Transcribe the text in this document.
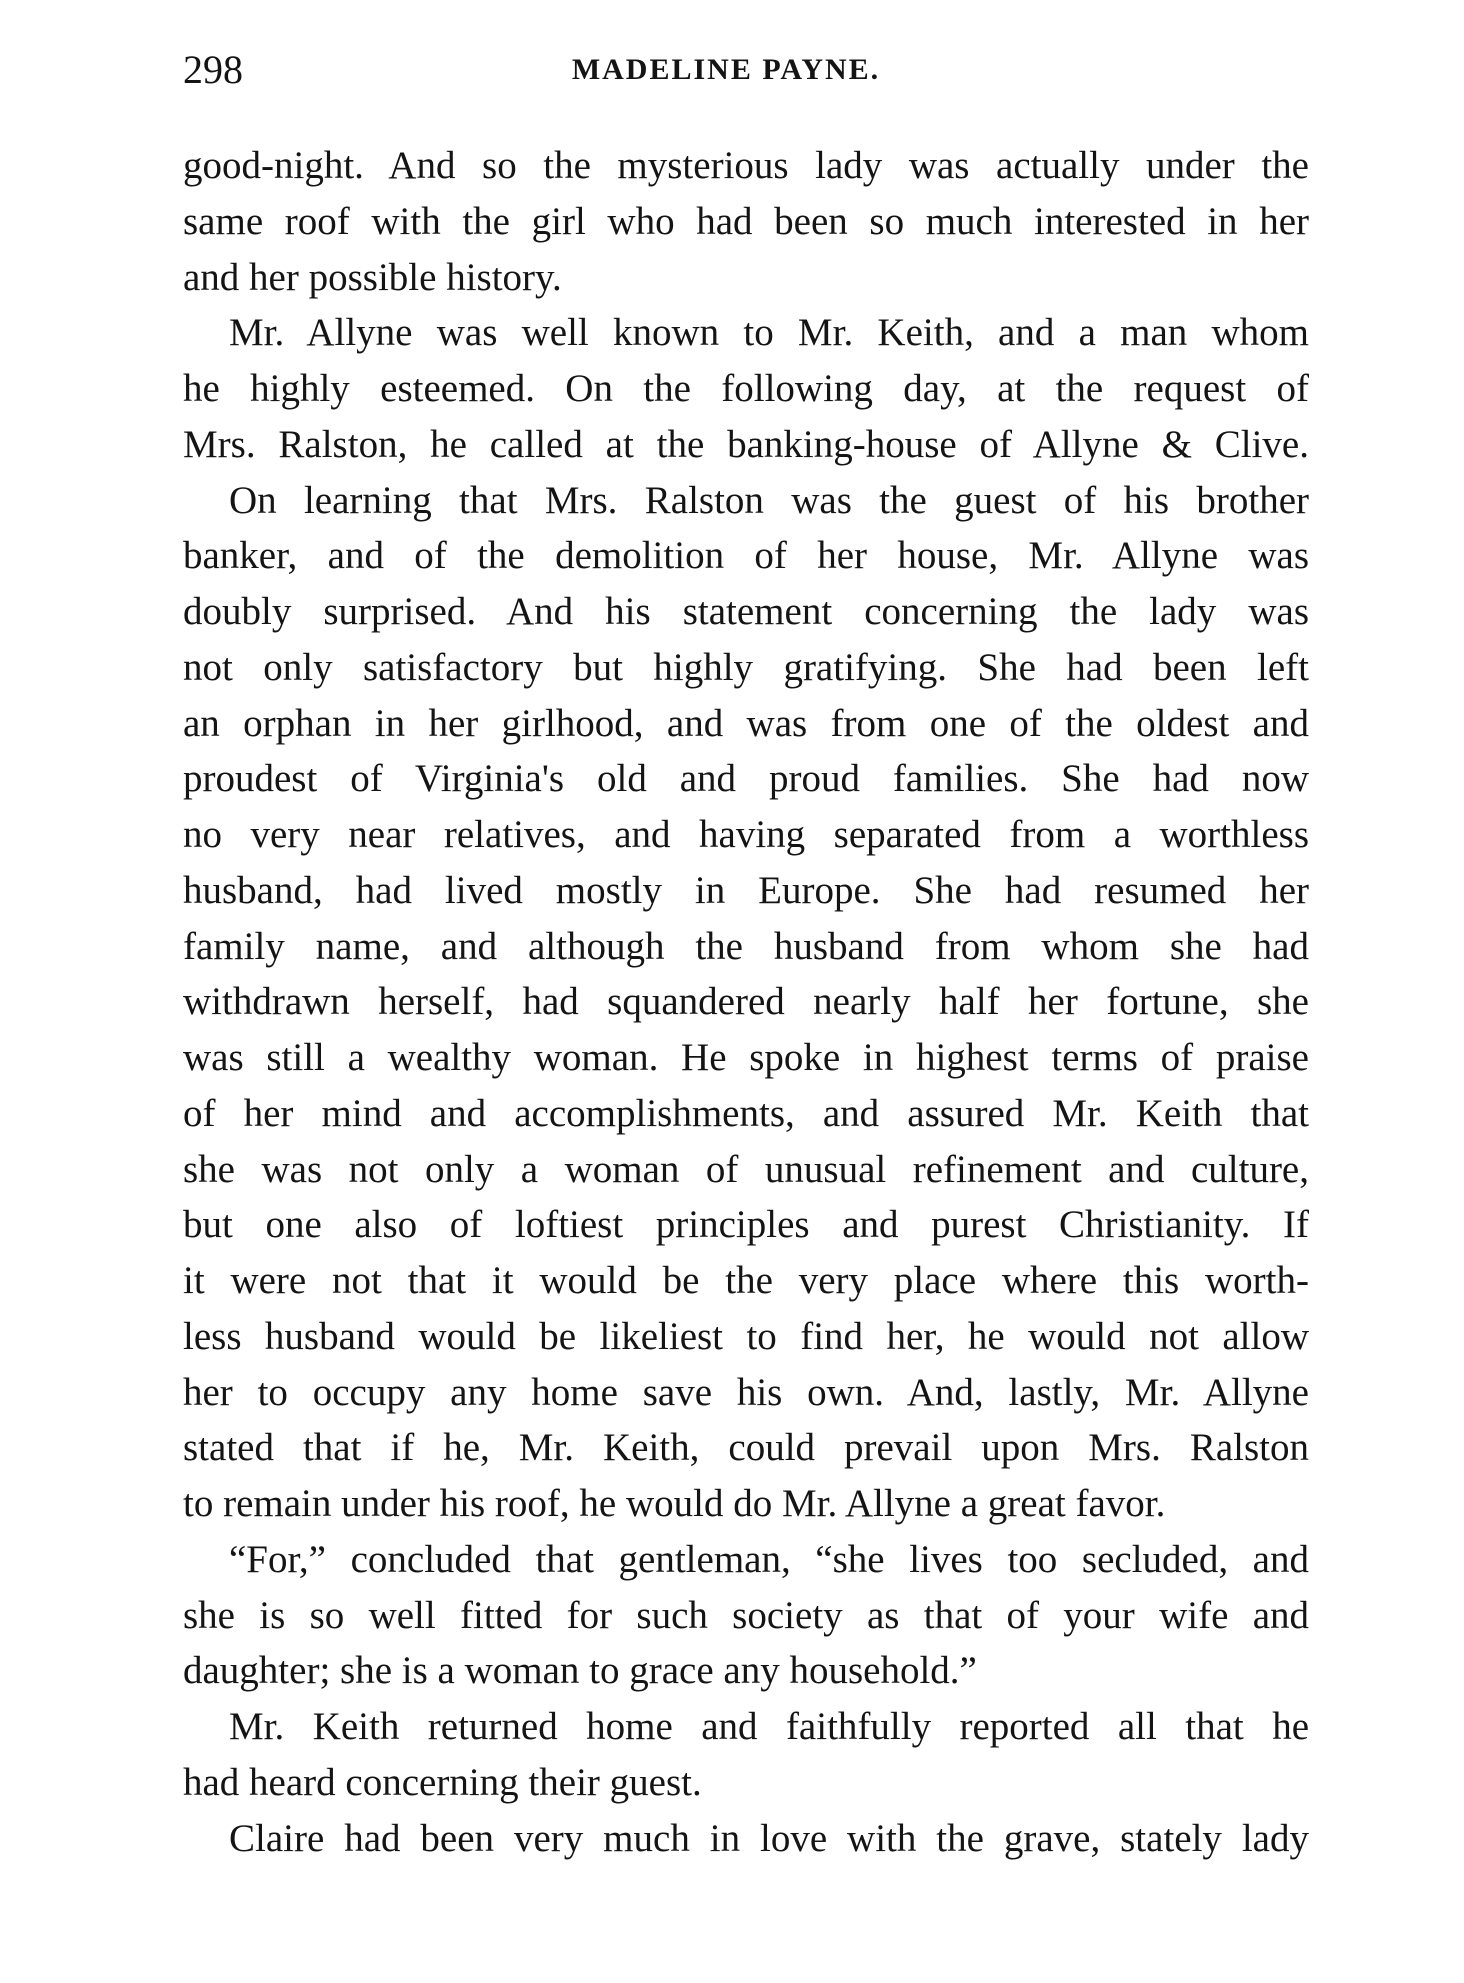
298	MADELINE PAYNE.
good-night. And so the mysterious lady was actually under the
same roof with the girl who had been so much interested in her
and her possible history.
Mr. Allyne was well known to Mr. Keith, and a man whom
he highly esteemed. On the following day, at the request of
Mrs. Ralston, he called at the banking-house of Allyne & Clive.
On learning that Mrs. Ralston was the guest of his brother
banker, and of the demolition of her house, Mr. Allyne was
doubly surprised. And his statement concerning the lady was
not only satisfactory but highly gratifying. She had been left
an orphan in her girlhood, and was from one of the oldest and
proudest of Virginia's old and proud families. She had now
no very near relatives, and having separated from a worthless
husband, had lived mostly in Europe. She had resumed her
family name, and although the husband from whom she had
withdrawn herself, had squandered nearly half her fortune, she
was still a wealthy woman. He spoke in highest terms of praise
of her mind and accomplishments, and assured Mr. Keith that
she was not only a woman of unusual refinement and culture,
but one also of loftiest principles and purest Christianity. If
it were not that it would be the very place where this worth-
less husband would be likeliest to find her, he would not allow
her to occupy any home save his own. And, lastly, Mr. Allyne
stated that if he, Mr. Keith, could prevail upon Mrs. Ralston
to remain under his roof, he would do Mr. Allyne a great favor.
“For,” concluded that gentleman, “she lives too secluded, and
she is so well fitted for such society as that of your wife and
daughter; she is a woman to grace any household.”
Mr. Keith returned home and faithfully reported all that he
had heard concerning their guest.
Claire had been very much in love with the grave, stately lady
